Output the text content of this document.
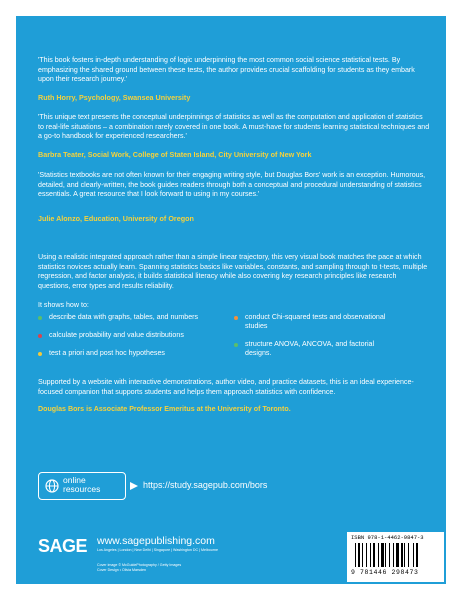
'This book fosters in-depth understanding of logic underpinning the most common social science statistical tests. By emphasizing the shared ground between these tests, the author provides crucial scaffolding for students as they embark upon their research journey.'
Ruth Horry, Psychology, Swansea University
'This unique text presents the conceptual underpinnings of statistics as well as the computation and application of statistics to real-life situations – a combination rarely covered in one book. A must-have for students learning statistical techniques and a go-to handbook for experienced researchers.'
Barbra Teater, Social Work, College of Staten Island, City University of New York
'Statistics textbooks are not often known for their engaging writing style, but Douglas Bors' work is an exception. Humorous, detailed, and clearly-written, the book guides readers through both a conceptual and procedural understanding of statistics essentials. A great resource that I look forward to using in my courses.'
Julie Alonzo, Education, University of Oregon
Using a realistic integrated approach rather than a simple linear trajectory, this very visual book matches the pace at which statistics novices actually learn. Spanning statistics basics like variables, constants, and sampling through to t-tests, multiple regression, and factor analysis, it builds statistical literacy while also covering key research principles like research questions, error types and results reliability.
It shows how to:
describe data with graphs, tables, and numbers
calculate probability and value distributions
test a priori and post hoc hypotheses
conduct Chi-squared tests and observational studies
structure ANOVA, ANCOVA, and factorial designs.
Supported by a website with interactive demonstrations, author video, and practice datasets, this is an ideal experience-focused companion that supports students and helps them approach statistics with confidence.
Douglas Bors is Associate Professor Emeritus at the University of Toronto.
online
resources	https://study.sagepub.com/bors
SAGE www.sagepublishing.com
Los Angeles | London | New Delhi | Singapore | Washington DC | Melbourne
Cover image © McGuidePhotography / Getty Images
Cover Design • Olivia Marsden
ISBN 978-1-4462-9847-3
9 781446 298473
